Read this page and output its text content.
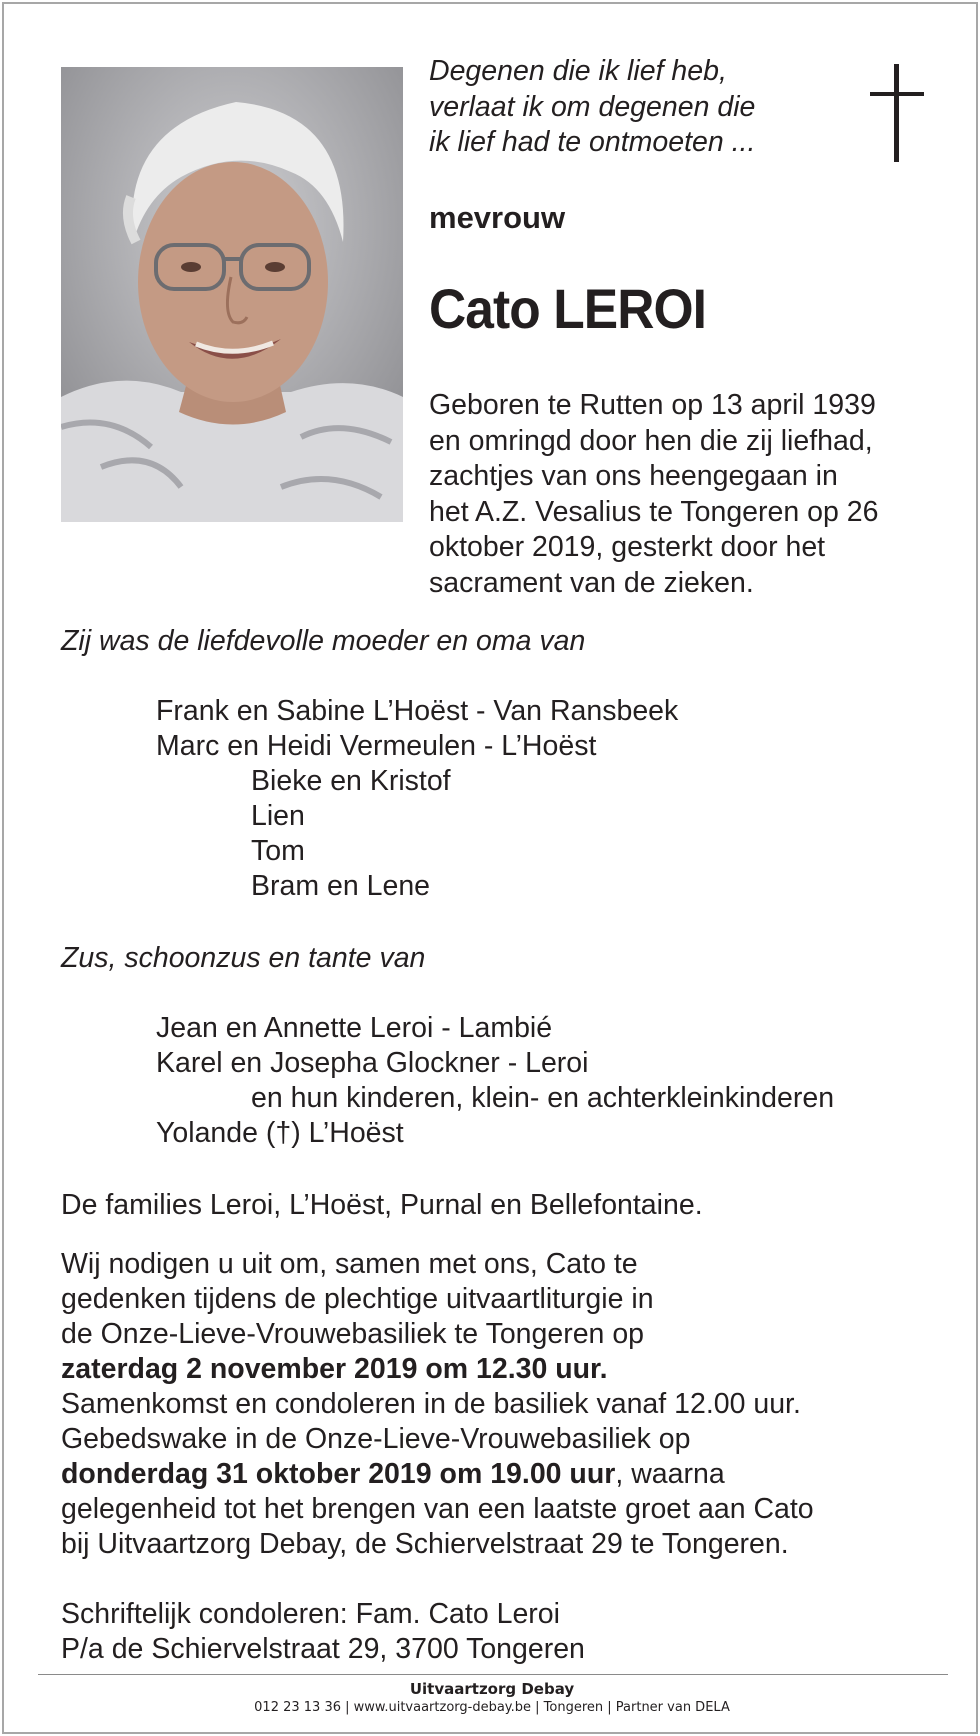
Degenen die ik lief heb,
verlaat ik om degenen die
ik lief had te ontmoeten ...
mevrouw
Cato LEROI
Geboren te Rutten op 13 april 1939
en omringd door hen die zij liefhad,
zachtjes van ons heengegaan in
het A.Z. Vesalius te Tongeren op 26
oktober 2019, gesterkt door het
sacrament van de zieken.
Zij was de liefdevolle moeder en oma van
Frank en Sabine L’Hoëst - Van Ransbeek
Marc en Heidi Vermeulen - L’Hoëst
Bieke en Kristof
Lien
Tom
Bram en Lene
Zus, schoonzus en tante van
Jean en Annette Leroi - Lambié
Karel en Josepha Glockner - Leroi
en hun kinderen, klein- en achterkleinkinderen
Yolande (†) L’Hoëst
De families Leroi, L’Hoëst, Purnal en Bellefontaine.
Wij nodigen u uit om, samen met ons, Cato te
gedenken tijdens de plechtige uitvaartliturgie in
de Onze-Lieve-Vrouwebasiliek te Tongeren op
zaterdag 2 november 2019 om 12.30 uur.
Samenkomst en condoleren in de basiliek vanaf 12.00 uur.
Gebedswake in de Onze-Lieve-Vrouwebasiliek op
donderdag 31 oktober 2019 om 19.00 uur, waarna
gelegenheid tot het brengen van een laatste groet aan Cato
bij Uitvaartzorg Debay, de Schiervelstraat 29 te Tongeren.
Schriftelijk condoleren: Fam. Cato Leroi
P/a de Schiervelstraat 29, 3700 Tongeren
Uitvaartzorg Debay
012 23 13 36 | www.uitvaartzorg-debay.be | Tongeren | Partner van DELA
